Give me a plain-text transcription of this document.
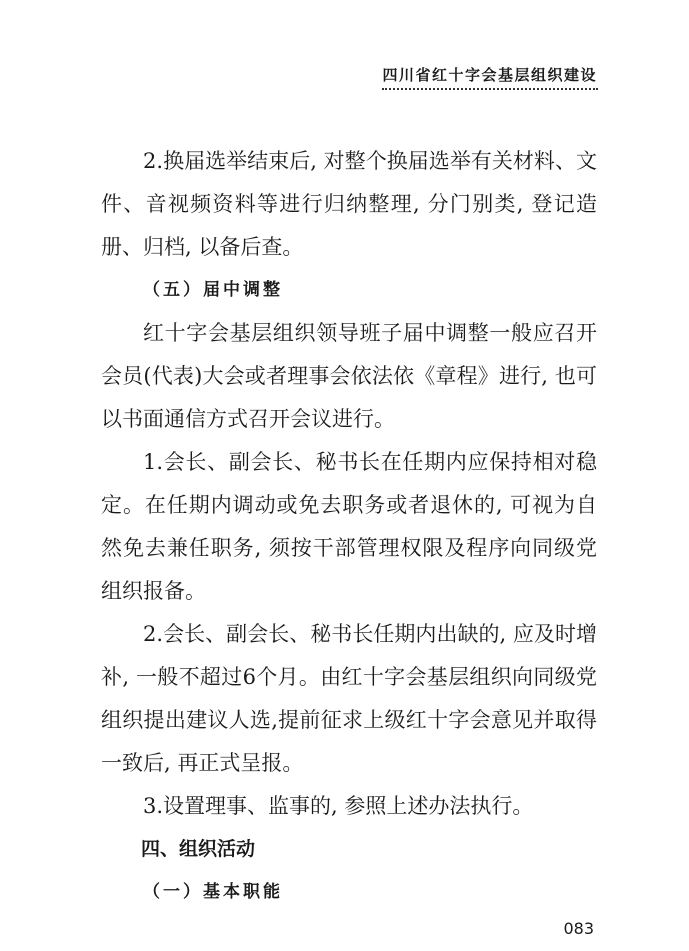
四川省红十字会基层组织建设

2.换届选举结束后, 对整个换届选举有关材料、文件、音视频资料等进行归纳整理, 分门别类, 登记造册、归档, 以备后查。

（五）届中调整

红十字会基层组织领导班子届中调整一般应召开会员(代表)大会或者理事会依法依《章程》进行, 也可以书面通信方式召开会议进行。

1.会长、副会长、秘书长在任期内应保持相对稳定。在任期内调动或免去职务或者退休的, 可视为自然免去兼任职务, 须按干部管理权限及程序向同级党组织报备。

2.会长、副会长、秘书长任期内出缺的, 应及时增补, 一般不超过6个月。由红十字会基层组织向同级党组织提出建议人选,提前征求上级红十字会意见并取得一致后, 再正式呈报。

3.设置理事、监事的, 参照上述办法执行。

四、组织活动

（一）基本职能

083
